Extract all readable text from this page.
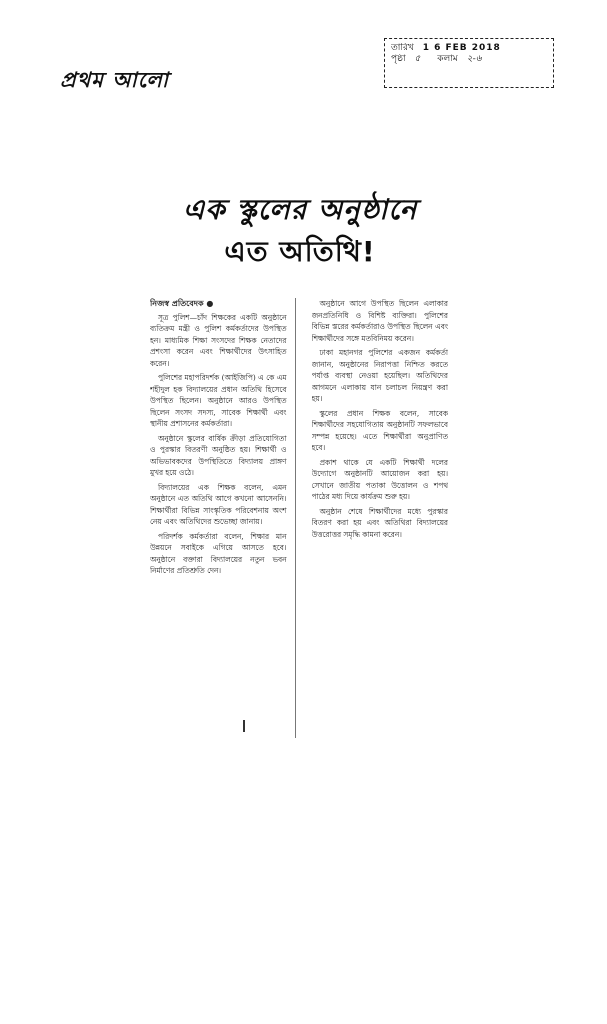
প্রথম আলো
তারিখ 1 6 FEB 2018
পৃষ্ঠা ৫ কলাম ২-৬
এক স্কুলের অনুষ্ঠানে
এত অতিথি!
নিজস্ব প্রতিবেদক ●

সূত্র পুলিশ—চাঁদ শিক্ষকের একটি অনুষ্ঠানে ব্যতিক্রম মন্ত্রী ও পুলিশ কর্মকর্তাদের উপস্থিত হন। মাধ্যমিক শিক্ষা সংসদের শিক্ষক নেতাদের প্রশংসা করেন এবং শিক্ষার্থীদের উৎসাহিত করেন।

পুলিশের মহাপরিদর্শক (আইজিপি) এ কে এম শহীদুল হক বিদ্যালয়ের প্রধান অতিথি হিসেবে উপস্থিত ছিলেন। অনুষ্ঠানে আরও উপস্থিত ছিলেন সংসদ সদস্য, সাবেক শিক্ষার্থী এবং স্থানীয় প্রশাসনের কর্মকর্তারা।

অনুষ্ঠানে স্কুলের বার্ষিক ক্রীড়া প্রতিযোগিতা ও পুরস্কার বিতরণী অনুষ্ঠিত হয়। শিক্ষার্থী ও অভিভাবকদের উপস্থিতিতে বিদ্যালয় প্রাঙ্গণ মুখর হয়ে ওঠে।

বিদ্যালয়ের এক শিক্ষক বলেন, এমন অনুষ্ঠানে এত অতিথি আগে কখনো আসেননি। শিক্ষার্থীরা বিভিন্ন সাংস্কৃতিক পরিবেশনায় অংশ নেয় এবং অতিথিদের শুভেচ্ছা জানায়।

পরিদর্শক কর্মকর্তারা বলেন, শিক্ষার মান উন্নয়নে সবাইকে এগিয়ে আসতে হবে। অনুষ্ঠানে বক্তারা বিদ্যালয়ের নতুন ভবন নির্মাণের প্রতিশ্রুতি দেন।

অনুষ্ঠানে আগে উপস্থিত ছিলেন এলাকার জনপ্রতিনিধি ও বিশিষ্ট ব্যক্তিরা। পুলিশের বিভিন্ন স্তরের কর্মকর্তারাও উপস্থিত ছিলেন এবং শিক্ষার্থীদের সঙ্গে মতবিনিময় করেন।

ঢাকা মহানগর পুলিশের একজন কর্মকর্তা জানান, অনুষ্ঠানের নিরাপত্তা নিশ্চিত করতে পর্যাপ্ত ব্যবস্থা নেওয়া হয়েছিল। অতিথিদের আগমনে এলাকায় যান চলাচল নিয়ন্ত্রণ করা হয়।

স্কুলের প্রধান শিক্ষক বলেন, সাবেক শিক্ষার্থীদের সহযোগিতায় অনুষ্ঠানটি সফলভাবে সম্পন্ন হয়েছে। এতে শিক্ষার্থীরা অনুপ্রাণিত হবে।

প্রকাশ থাকে যে একটি শিক্ষার্থী দলের উদ্যোগে অনুষ্ঠানটি আয়োজন করা হয়। সেখানে জাতীয় পতাকা উত্তোলন ও শপথ পাঠের মধ্য দিয়ে কার্যক্রম শুরু হয়।

অনুষ্ঠান শেষে শিক্ষার্থীদের মধ্যে পুরস্কার বিতরণ করা হয় এবং অতিথিরা বিদ্যালয়ের উত্তরোত্তর সমৃদ্ধি কামনা করেন।
